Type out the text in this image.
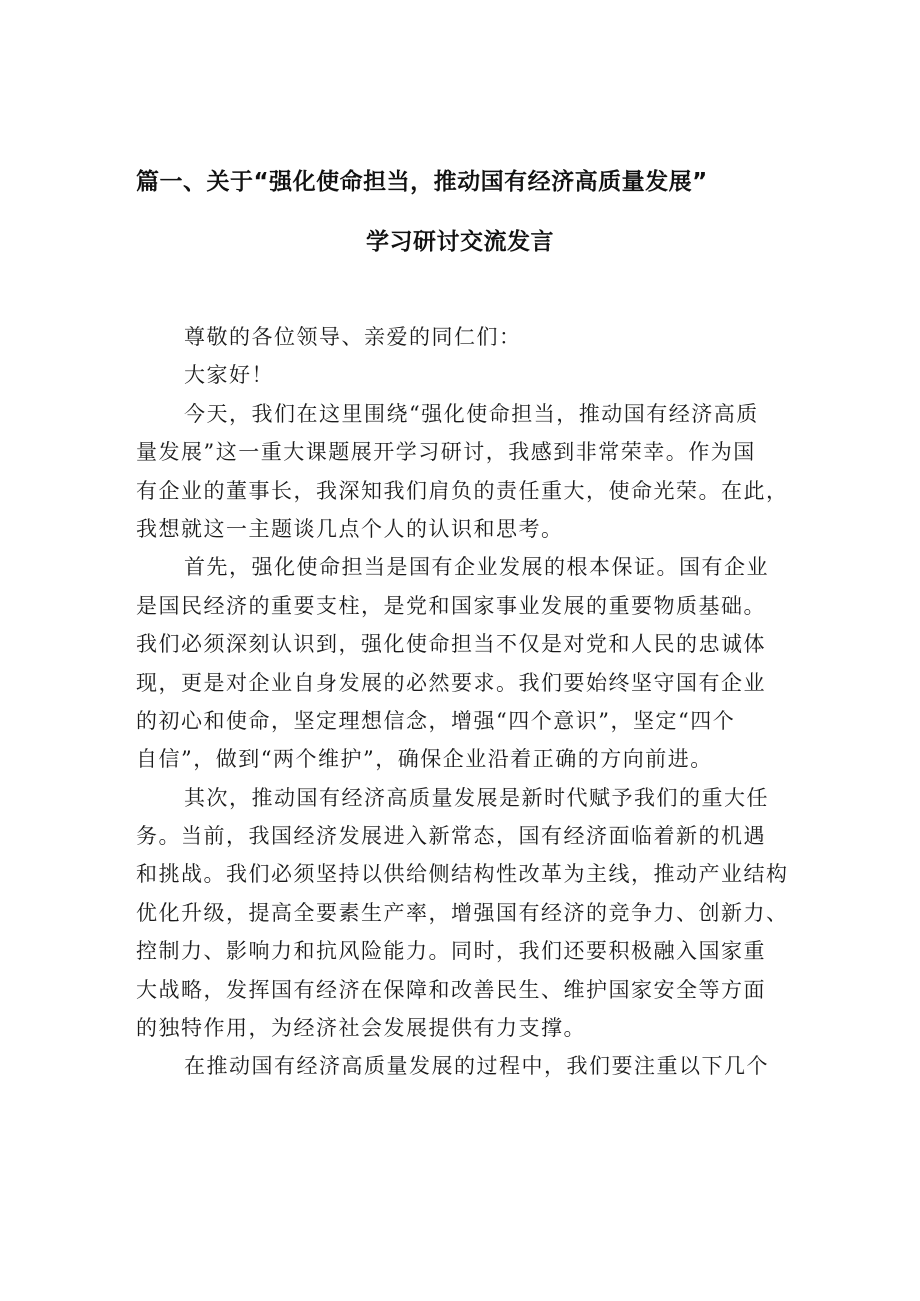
篇一、关于“强化使命担当，推动国有经济高质量发展”
学习研讨交流发言
尊敬的各位领导、亲爱的同仁们：
大家好！
今天，我们在这里围绕“强化使命担当，推动国有经济高质
量发展”这一重大课题展开学习研讨，我感到非常荣幸。作为国
有企业的董事长，我深知我们肩负的责任重大，使命光荣。在此，
我想就这一主题谈几点个人的认识和思考。
首先，强化使命担当是国有企业发展的根本保证。国有企业
是国民经济的重要支柱，是党和国家事业发展的重要物质基础。
我们必须深刻认识到，强化使命担当不仅是对党和人民的忠诚体
现，更是对企业自身发展的必然要求。我们要始终坚守国有企业
的初心和使命，坚定理想信念，增强“四个意识”，坚定“四个
自信”，做到“两个维护”，确保企业沿着正确的方向前进。
其次，推动国有经济高质量发展是新时代赋予我们的重大任
务。当前，我国经济发展进入新常态，国有经济面临着新的机遇
和挑战。我们必须坚持以供给侧结构性改革为主线，推动产业结构
优化升级，提高全要素生产率，增强国有经济的竞争力、创新力、
控制力、影响力和抗风险能力。同时，我们还要积极融入国家重
大战略，发挥国有经济在保障和改善民生、维护国家安全等方面
的独特作用，为经济社会发展提供有力支撑。
在推动国有经济高质量发展的过程中，我们要注重以下几个
